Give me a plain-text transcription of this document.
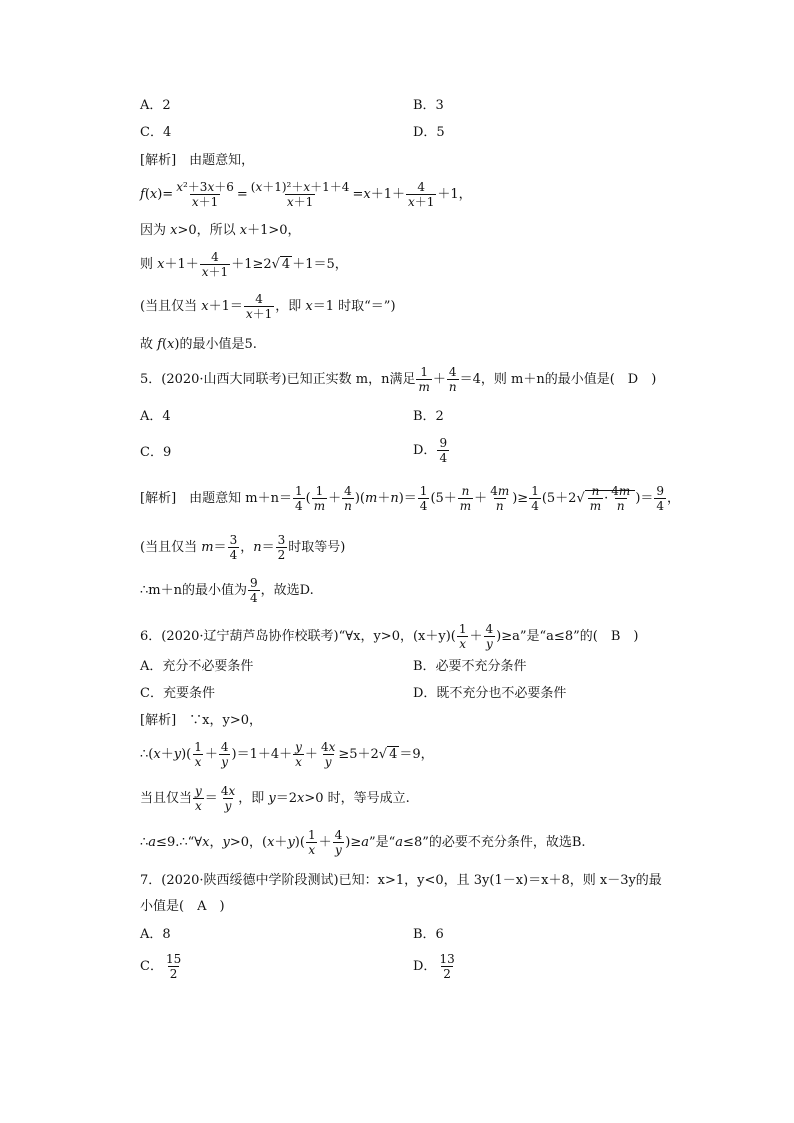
A．2	B．3
C．4	D．5
[解析]　由题意知，
$f(x)= \frac{\text{x²＋3x＋6}}{x+1} = \frac{\text{(x＋1)²＋x＋1＋4}}{x+1} =x+1+ \frac{4}{x+1} +1$，
因为 x>0，所以 x＋1>0，
则 $x+1+ \frac{4}{x+1} +1\ge 2√$ 4 ＋1＝5，
(当且仅当 $x+1= \frac{4}{x+1}$ ，即 x＝1 时取“＝”)
故 f(x)的最小值是5.
5．(2020·山西大同联考)已知正实数 m，n满足 $\frac{1}{m} + \frac{4}{n} =4$，则 m＋n的最小值是(　D　)
A．4	B．2
C．9	D． $\frac{9}{4}$
[解析]　由题意知 $m+n= \frac{1}{4}$ ( $\frac{1}{m} + \frac{4}{n} )(m+n)= \frac{1}{4} (5+ \frac{n}{m} + \frac{4m}{n}$ )≥ $\frac{1}{4} (5+2√ \frac{n}{m} \cdot \frac{4m}{n}$ )＝ $\frac{9}{4}$ ，
(当且仅当 $m= \frac{3}{4}$ ，$n= \frac{3}{2}$ 时取等号)
∴m＋n的最小值为 $\frac{9}{4}$ ，故选D.
6．(2020·辽宁葫芦岛协作校联考)“∀x，y>0，$(x+y)( \frac{1}{x} + \frac{4}{y} )\ge a$”是“a≤8”的(　B　)
A．充分不必要条件	B．必要不充分条件
C．充要条件	D．既不充分也不必要条件
[解析]　∵x，y>0，
∴(x＋y)( $\frac{1}{x} + \frac{4}{y} )=1+4+ \frac{y}{x} + \frac{4x}{y} \ge 5+2√$ 4 ＝9，
当且仅当 $\frac{y}{x} = \frac{4x}{y}$ ，即 y＝2x>0 时，等号成立.
∴a≤9.∴“∀x，y>0，$(x+y)( \frac{1}{x} + \frac{4}{y} )\ge a$”是“a≤8”的必要不充分条件，故选B.
7．(2020·陕西绥德中学阶段测试)已知：x>1，y<0，且 3y(1－x)＝x＋8，则 x－3y的最
小值是(　A　)
A．8	B．6
C． $\frac{15}{2}$	D． $\frac{13}{2}$
